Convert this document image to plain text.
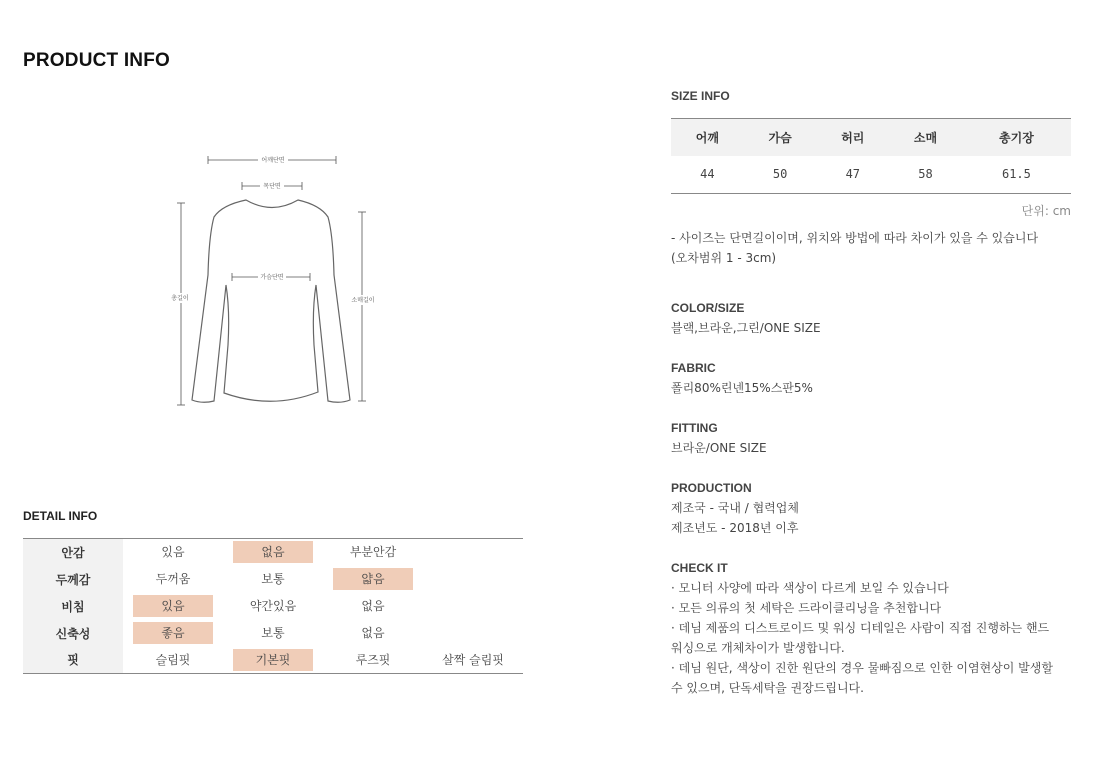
PRODUCT INFO
어깨단면
목단면
가슴단면
총길이	소매길이
DETAIL INFO
안감	있음	없음	부분안감	
두께감	두꺼움	보통	얇음	
비침	있음	약간있음	없음	
신축성	좋음	보통	없음	
핏	슬림핏	기본핏	루즈핏	살짝 슬림핏
SIZE INFO
어깨	가슴	허리	소매	총기장
44	50	47	58	61.5
단위: cm
- 사이즈는 단면길이이며, 위치와 방법에 따라 차이가 있을 수 있습니다
(오차범위 1 - 3cm)
COLOR/SIZE
블랙,브라운,그린/ONE SIZE
FABRIC
폴리80%린넨15%스판5%
FITTING
브라운/ONE SIZE
PRODUCTION
제조국 - 국내 / 협력업체
제조년도 - 2018년 이후
CHECK IT
· 모니터 사양에 따라 색상이 다르게 보일 수 있습니다
· 모든 의류의 첫 세탁은 드라이클리닝을 추천합니다
· 데님 제품의 디스트로이드 및 워싱 디테일은 사람이 직접 진행하는 핸드
워싱으로 개체차이가 발생합니다.
· 데님 원단, 색상이 진한 원단의 경우 물빠짐으로 인한 이염현상이 발생할
수 있으며, 단독세탁을 권장드립니다.
